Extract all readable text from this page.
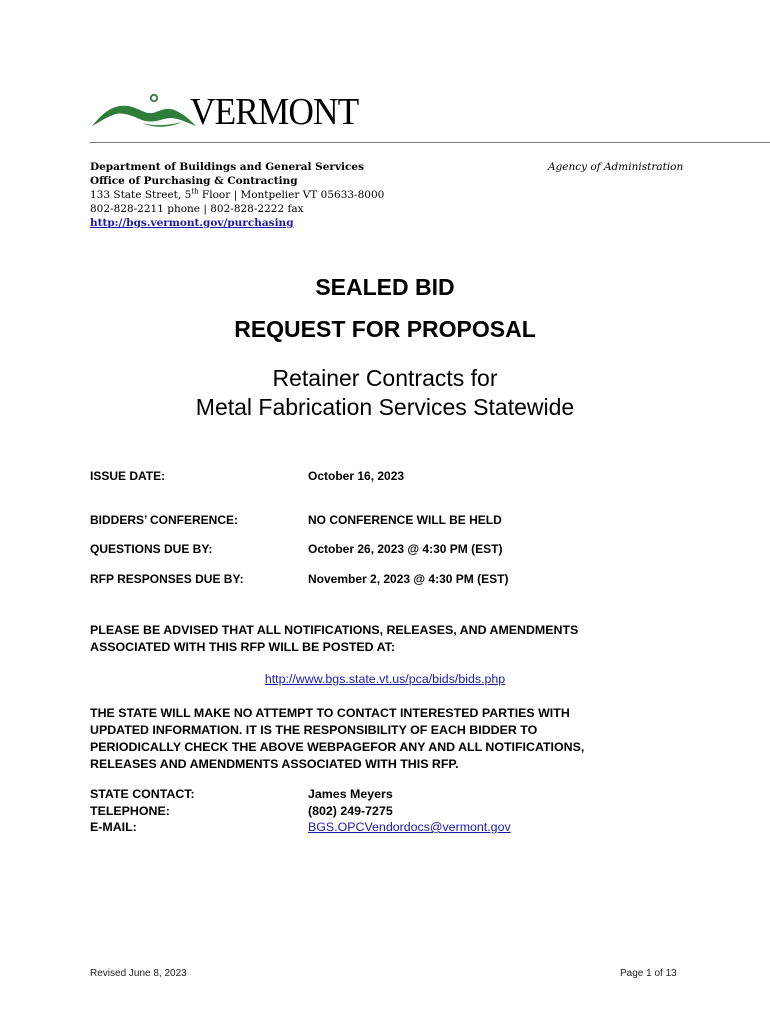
VERMONT
Department of Buildings and General Services
Office of Purchasing & Contracting
133 State Street, 5th Floor | Montpelier VT 05633-8000
802-828-2211 phone | 802-828-2222 fax
http://bgs.vermont.gov/purchasing
Agency of Administration
SEALED BID
REQUEST FOR PROPOSAL
Retainer Contracts for
Metal Fabrication Services Statewide
ISSUE DATE:	October 16, 2023
BIDDERS’ CONFERENCE:	NO CONFERENCE WILL BE HELD
QUESTIONS DUE BY:	October 26, 2023 @ 4:30 PM (EST)
RFP RESPONSES DUE BY:	November 2, 2023 @ 4:30 PM (EST)
PLEASE BE ADVISED THAT ALL NOTIFICATIONS, RELEASES, AND AMENDMENTS
ASSOCIATED WITH THIS RFP WILL BE POSTED AT:
http://www.bgs.state.vt.us/pca/bids/bids.php
THE STATE WILL MAKE NO ATTEMPT TO CONTACT INTERESTED PARTIES WITH
UPDATED INFORMATION. IT IS THE RESPONSIBILITY OF EACH BIDDER TO
PERIODICALLY CHECK THE ABOVE WEBPAGEFOR ANY AND ALL NOTIFICATIONS,
RELEASES AND AMENDMENTS ASSOCIATED WITH THIS RFP.
STATE CONTACT:	James Meyers
TELEPHONE:	(802) 249-7275
E-MAIL:	BGS.OPCVendordocs@vermont.gov
Revised June 8, 2023	Page 1 of 13
